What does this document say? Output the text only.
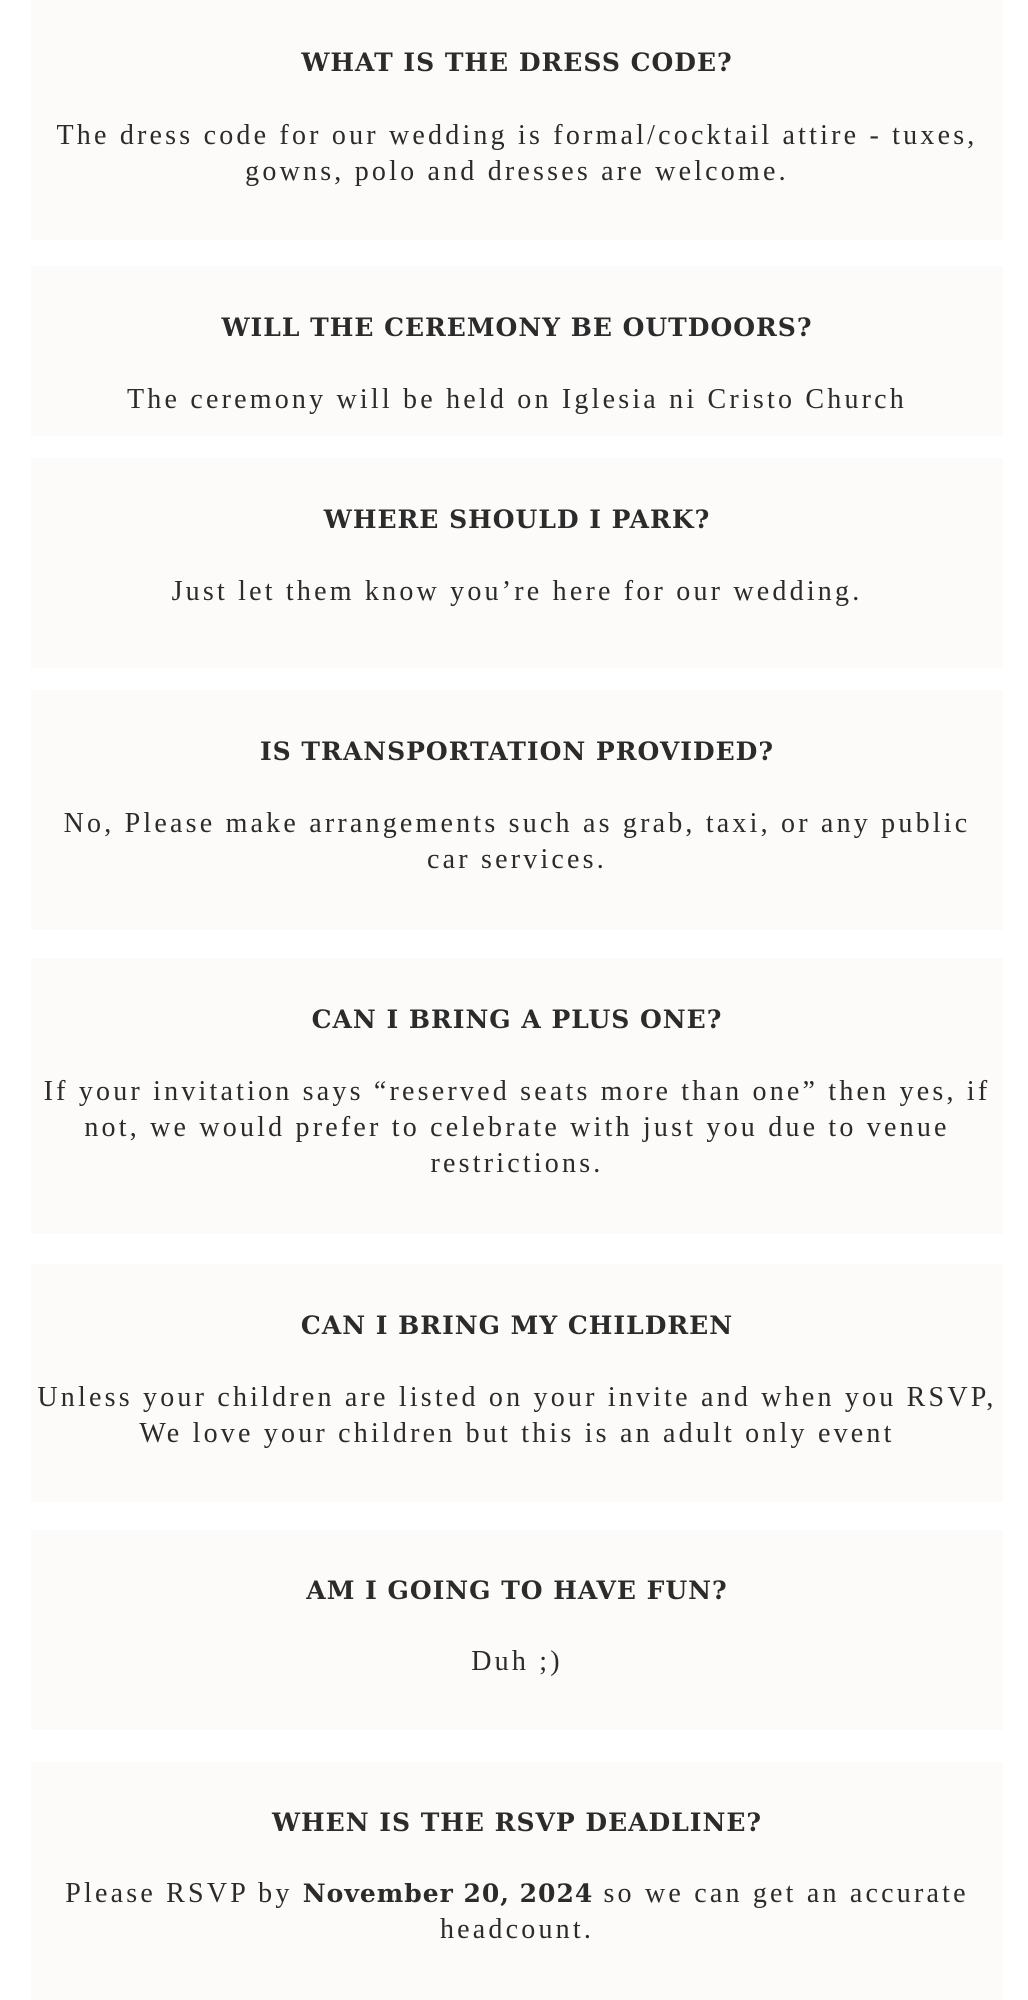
WHAT IS THE DRESS CODE?

The dress code for our wedding is formal/cocktail attire - tuxes, gowns, polo and dresses are welcome.

WILL THE CEREMONY BE OUTDOORS?

The ceremony will be held on Iglesia ni Cristo Church

WHERE SHOULD I PARK?

Just let them know you’re here for our wedding.

IS TRANSPORTATION PROVIDED?

No, Please make arrangements such as grab, taxi, or any public car services.

CAN I BRING A PLUS ONE?

If your invitation says “reserved seats more than one” then yes, if not, we would prefer to celebrate with just you due to venue restrictions.

CAN I BRING MY CHILDREN

Unless your children are listed on your invite and when you RSVP, We love your children but this is an adult only event

AM I GOING TO HAVE FUN?

Duh ;)

WHEN IS THE RSVP DEADLINE?

Please RSVP by November 20, 2024 so we can get an accurate headcount.
